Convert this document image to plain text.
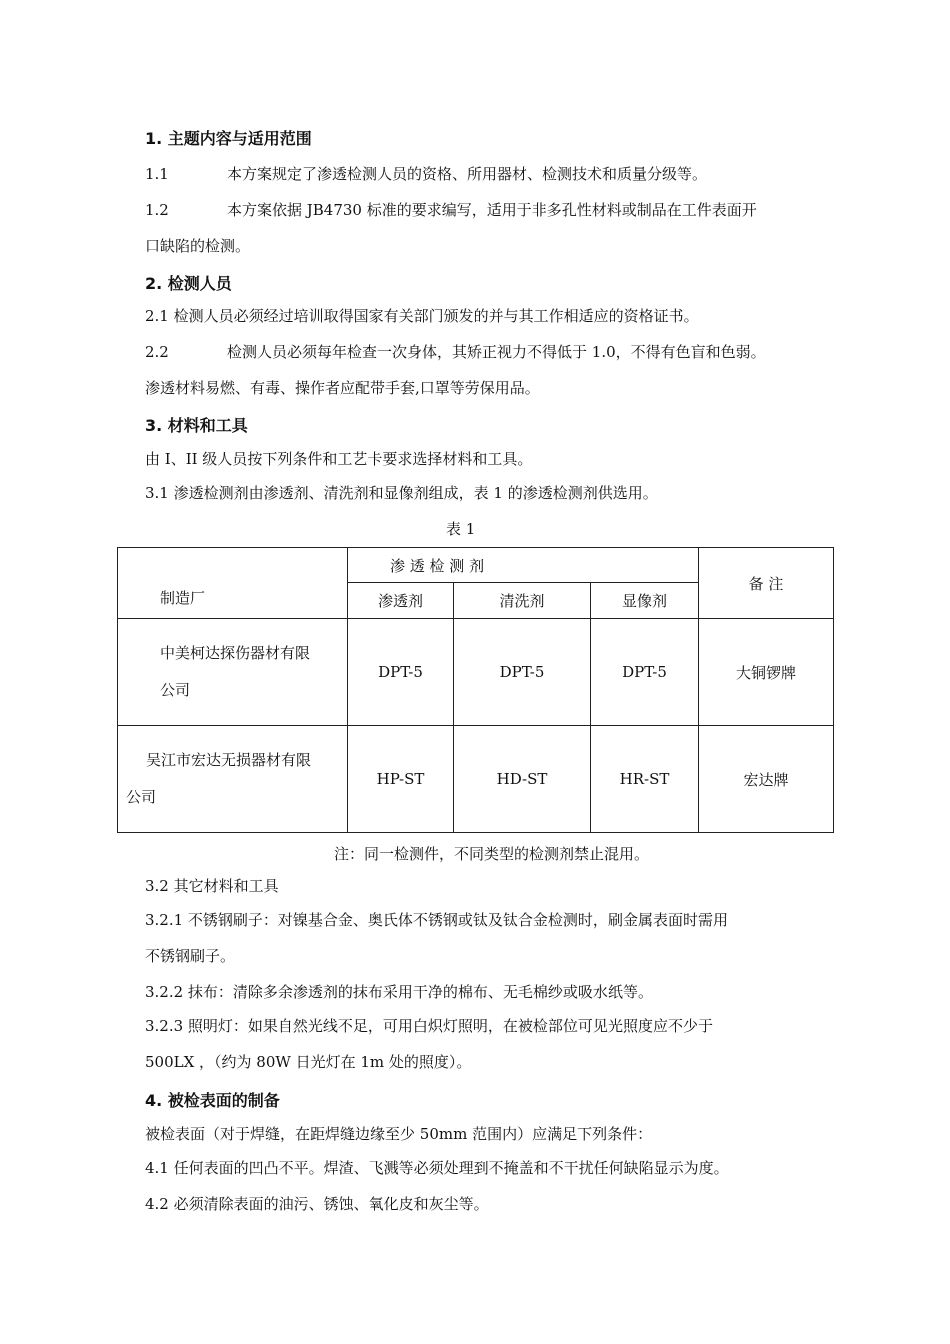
1. 主题内容与适用范围
1.1	本方案规定了渗透检测人员的资格、所用器材、检测技术和质量分级等。
1.2	本方案依据 JB4730 标准的要求编写，适用于非多孔性材料或制品在工件表面开
口缺陷的检测。
2. 检测人员
2.1 检测人员必须经过培训取得国家有关部门颁发的并与其工作相适应的资格证书。
2.2	检测人员必须每年检查一次身体，其矫正视力不得低于 1.0，不得有色盲和色弱。
渗透材料易燃、有毒、操作者应配带手套,口罩等劳保用品。
3. 材料和工具
由 I、II 级人员按下列条件和工艺卡要求选择材料和工具。
3.1 渗透检测剂由渗透剂、清洗剂和显像剂组成，表 1 的渗透检测剂供选用。
表 1
制造厂	渗 透 检 测 剂			备 注
	渗透剂	清洗剂	显像剂	

中美柯达探伤器材有限
公司	DPT-5	DPT-5	DPT-5	大铜锣牌

吴江市宏达无损器材有限
公司	HP-ST	HD-ST	HR-ST	宏达牌
注：同一检测件，不同类型的检测剂禁止混用。
3.2 其它材料和工具
3.2.1 不锈钢刷子：对镍基合金、奥氏体不锈钢或钛及钛合金检测时，刷金属表面时需用
不锈钢刷子。
3.2.2 抹布：清除多余渗透剂的抹布采用干净的棉布、无毛棉纱或吸水纸等。
3.2.3 照明灯：如果自然光线不足，可用白炽灯照明，在被检部位可见光照度应不少于
500LX ，（约为 80W 日光灯在 1m 处的照度）。
4. 被检表面的制备
被检表面（对于焊缝，在距焊缝边缘至少 50mm 范围内）应满足下列条件：
4.1 任何表面的凹凸不平。焊渣、飞溅等必须处理到不掩盖和不干扰任何缺陷显示为度。
4.2 必须清除表面的油污、锈蚀、氧化皮和灰尘等。
